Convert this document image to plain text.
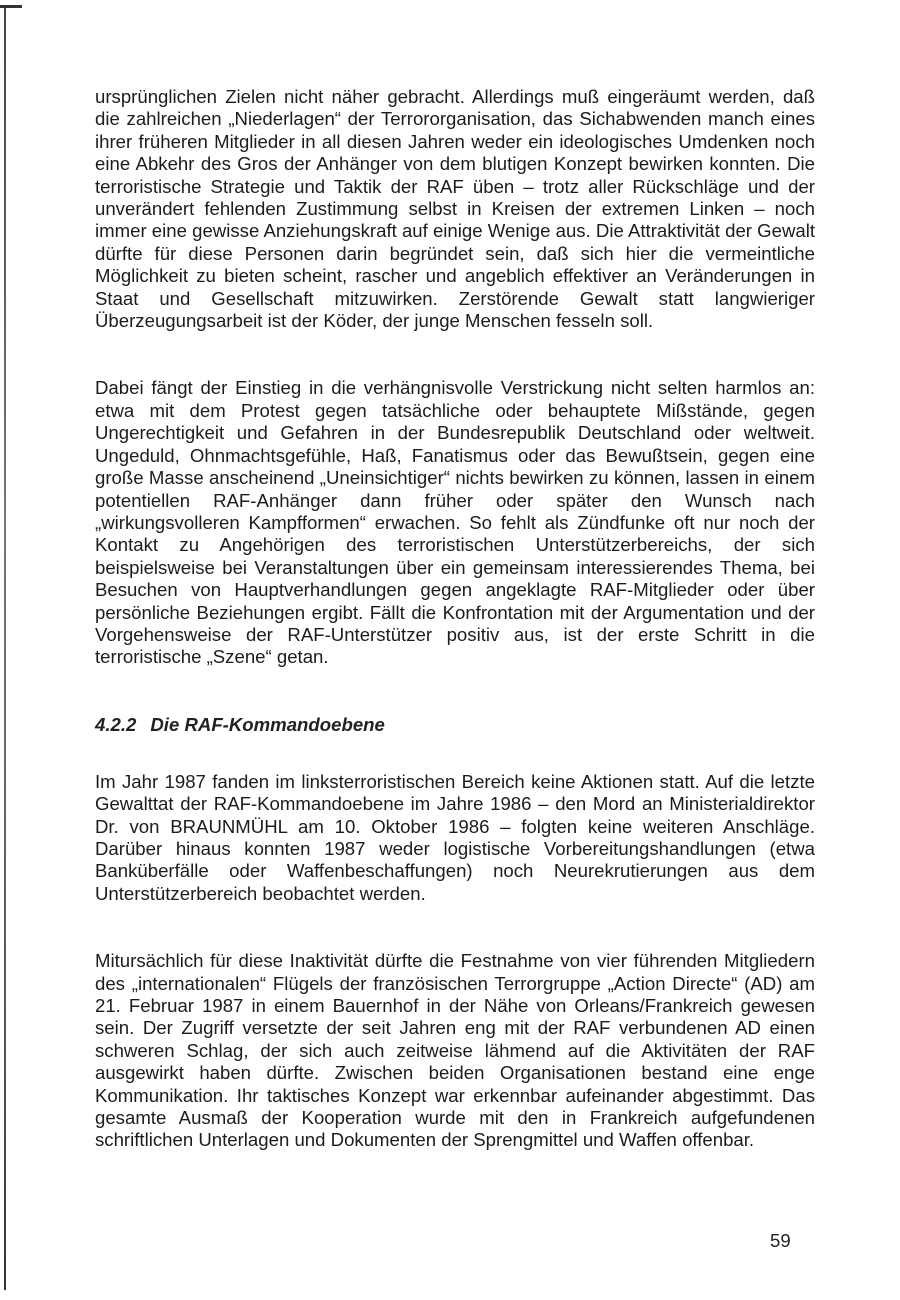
ursprünglichen Zielen nicht näher gebracht. Allerdings muß eingeräumt werden, daß die zahlreichen „Niederlagen“ der Terrororganisation, das Sichabwenden manch eines ihrer früheren Mitglieder in all diesen Jahren weder ein ideologisches Umdenken noch eine Abkehr des Gros der Anhänger von dem blutigen Konzept bewirken konnten. Die terroristische Strategie und Taktik der RAF üben – trotz aller Rückschläge und der unverändert fehlenden Zustimmung selbst in Kreisen der extremen Linken – noch immer eine gewisse Anziehungskraft auf einige Wenige aus. Die Attraktivität der Gewalt dürfte für diese Personen darin begründet sein, daß sich hier die vermeintliche Möglichkeit zu bieten scheint, rascher und angeblich effektiver an Veränderungen in Staat und Gesellschaft mitzuwirken. Zerstörende Gewalt statt langwieriger Überzeugungsarbeit ist der Köder, der junge Menschen fesseln soll.

Dabei fängt der Einstieg in die verhängnisvolle Verstrickung nicht selten harmlos an: etwa mit dem Protest gegen tatsächliche oder behauptete Mißstände, gegen Ungerechtigkeit und Gefahren in der Bundesrepublik Deutschland oder weltweit. Ungeduld, Ohnmachtsgefühle, Haß, Fanatismus oder das Bewußtsein, gegen eine große Masse anscheinend „Uneinsichtiger“ nichts bewirken zu können, lassen in einem potentiellen RAF-Anhänger dann früher oder später den Wunsch nach „wirkungsvolleren Kampfformen“ erwachen. So fehlt als Zündfunke oft nur noch der Kontakt zu Angehörigen des terroristischen Unterstützerbereichs, der sich beispielsweise bei Veranstaltungen über ein gemeinsam interessierendes Thema, bei Besuchen von Hauptverhandlungen gegen angeklagte RAF-Mitglieder oder über persönliche Beziehungen ergibt. Fällt die Konfrontation mit der Argumentation und der Vorgehensweise der RAF-Unterstützer positiv aus, ist der erste Schritt in die terroristische „Szene“ getan.

4.2.2 Die RAF-Kommandoebene

Im Jahr 1987 fanden im linksterroristischen Bereich keine Aktionen statt. Auf die letzte Gewalttat der RAF-Kommandoebene im Jahre 1986 – den Mord an Ministerialdirektor Dr. von BRAUNMÜHL am 10. Oktober 1986 – folgten keine weiteren Anschläge. Darüber hinaus konnten 1987 weder logistische Vorbereitungshandlungen (etwa Banküberfälle oder Waffenbeschaffungen) noch Neurekrutierungen aus dem Unterstützerbereich beobachtet werden.

Mitursächlich für diese Inaktivität dürfte die Festnahme von vier führenden Mitgliedern des „internationalen“ Flügels der französischen Terrorgruppe „Action Directe“ (AD) am 21. Februar 1987 in einem Bauernhof in der Nähe von Orleans/Frankreich gewesen sein. Der Zugriff versetzte der seit Jahren eng mit der RAF verbundenen AD einen schweren Schlag, der sich auch zeitweise lähmend auf die Aktivitäten der RAF ausgewirkt haben dürfte. Zwischen beiden Organisationen bestand eine enge Kommunikation. Ihr taktisches Konzept war erkennbar aufeinander abgestimmt. Das gesamte Ausmaß der Kooperation wurde mit den in Frankreich aufgefundenen schriftlichen Unterlagen und Dokumenten der Sprengmittel und Waffen offenbar.

59
